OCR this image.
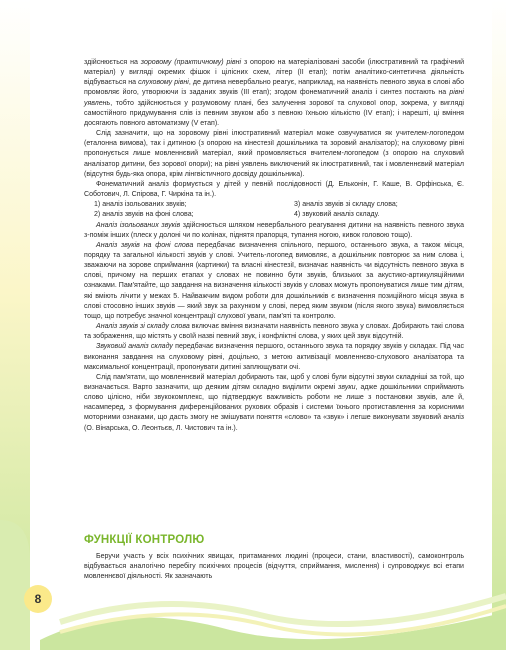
здійснюється на зоровому (практичному) рівні з опорою на матеріалізовані засоби (ілюстративний та графічний матеріал) у вигляді окремих фішок і цілісних схем, літер (II етап); потім аналітико-синтетична діяльність відбувається на слуховому рівні, де дитина невербально реагує, наприклад, на наявність певного звука в слові або промовляє його, утворюючи із заданих звуків (III етап); згодом фонематичний аналіз і синтез постають на рівні уявлень, тобто здійснюється у розумовому плані, без залучення зорової та слухової опор, зокрема, у вигляді самостійного придумування слів із певним звуком або з певною їхньою кількістю (IV етап); і нарешті, ці вміння досягають повного автоматизму (V етап).

Слід зазначити, що на зоровому рівні ілюстративний матеріал може озвучуватися як учителем-логопедом (еталонна вимова), так і дитиною (з опорою на кінестезії дошкільника та зоровий аналізатор); на слуховому рівні пропонується лише мовленнєвий матеріал, який промовляється вчителем-логопедом (з опорою на слуховий аналізатор дитини, без зорової опори); на рівні уявлень виключений як ілюстративний, так і мовленнєвий матеріал (відсутня будь-яка опора, крім лінгвістичного досвіду дошкільника).

Фонематичний аналіз формується у дітей у певній послідовності (Д. Ельконін, Г. Каше, В. Орфінська, Є. Соботович, Л. Спірова, Г. Чиркіна та ін.).

1) аналіз ізольованих звуків;	3) аналіз звуків зі складу слова;
2) аналіз звуків на фоні слова;	4) звуковий аналіз складу.

Аналіз ізольованих звуків здійснюється шляхом невербального реагування дитини на наявність певного звука з-поміж інших (плеск у долоні чи по колінах, піднятя прапорця, тупання ногою, кивок головою тощо).

Аналіз звуків на фоні слова передбачає визначення спільного, першого, останнього звука, а також місця, порядку та загальної кількості звуків у слові. Учитель-логопед вимовляє, а дошкільник повторює за ним слова і, зважаючи на зорове сприймання (картинки) та власні кінестезії, визначає наявність чи відсутність певного звука в слові, причому на перших етапах у словах не повинно бути звуків, близьких за акустико-артикуляційними ознаками. Пам'ятайте, що завдання на визначення кількості звуків у словах можуть пропонуватися лише тим дітям, які вміють лічити у межах 5. Найважчим видом роботи для дошкільників є визначення позиційного місця звука в слові стосовно інших звуків — який звук за рахунком у слові, перед яким звуком (після якого звука) вимовляється тощо, що потребує значної концентрації слухової уваги, пам'яті та контролю.

Аналіз звуків зі складу слова включає вміння визначати наявність певного звука у словах. Добирають такі слова та зображення, що містять у своїй назві певний звук, і конфліктні слова, у яких цей звук відсутній.

Звуковий аналіз складу передбачає визначення першого, останнього звука та порядку звуків у складах. Під час виконання завдання на слуховому рівні, доцільно, з метою активізації мовленнєво-слухового аналізатора та максимальної концентрації, пропонувати дитині заплющувати очі.

Слід пам'ятати, що мовленнєвий матеріал добирають так, щоб у слові були відсутні звуки складніші за той, що визначається. Варто зазначити, що деяким дітям складно виділити окремі звуки, адже дошкільники сприймають слово цілісно, ніби звукокомплекс, що підтверджує важливість роботи не лише з постановки звуків, але й, насамперед, з формування диференційованих рухових образів і системи їхнього протиставлення за корисними моторними ознаками, що дасть змогу не змішувати поняття «слово» та «звук» і легше виконувати звуковий аналіз (О. Вінарська, О. Леонтьєв, Л. Чистович та ін.).

ФУНКЦІЇ КОНТРОЛЮ

Беручи участь у всіх психічних явищах, притаманних людині (процеси, стани, властивості), самоконтроль відбувається аналогічно перебігу психічних процесів (відчуття, сприймання, мислення) і супроводжує всі етапи мовленнєвої діяльності. Як зазначають

8
